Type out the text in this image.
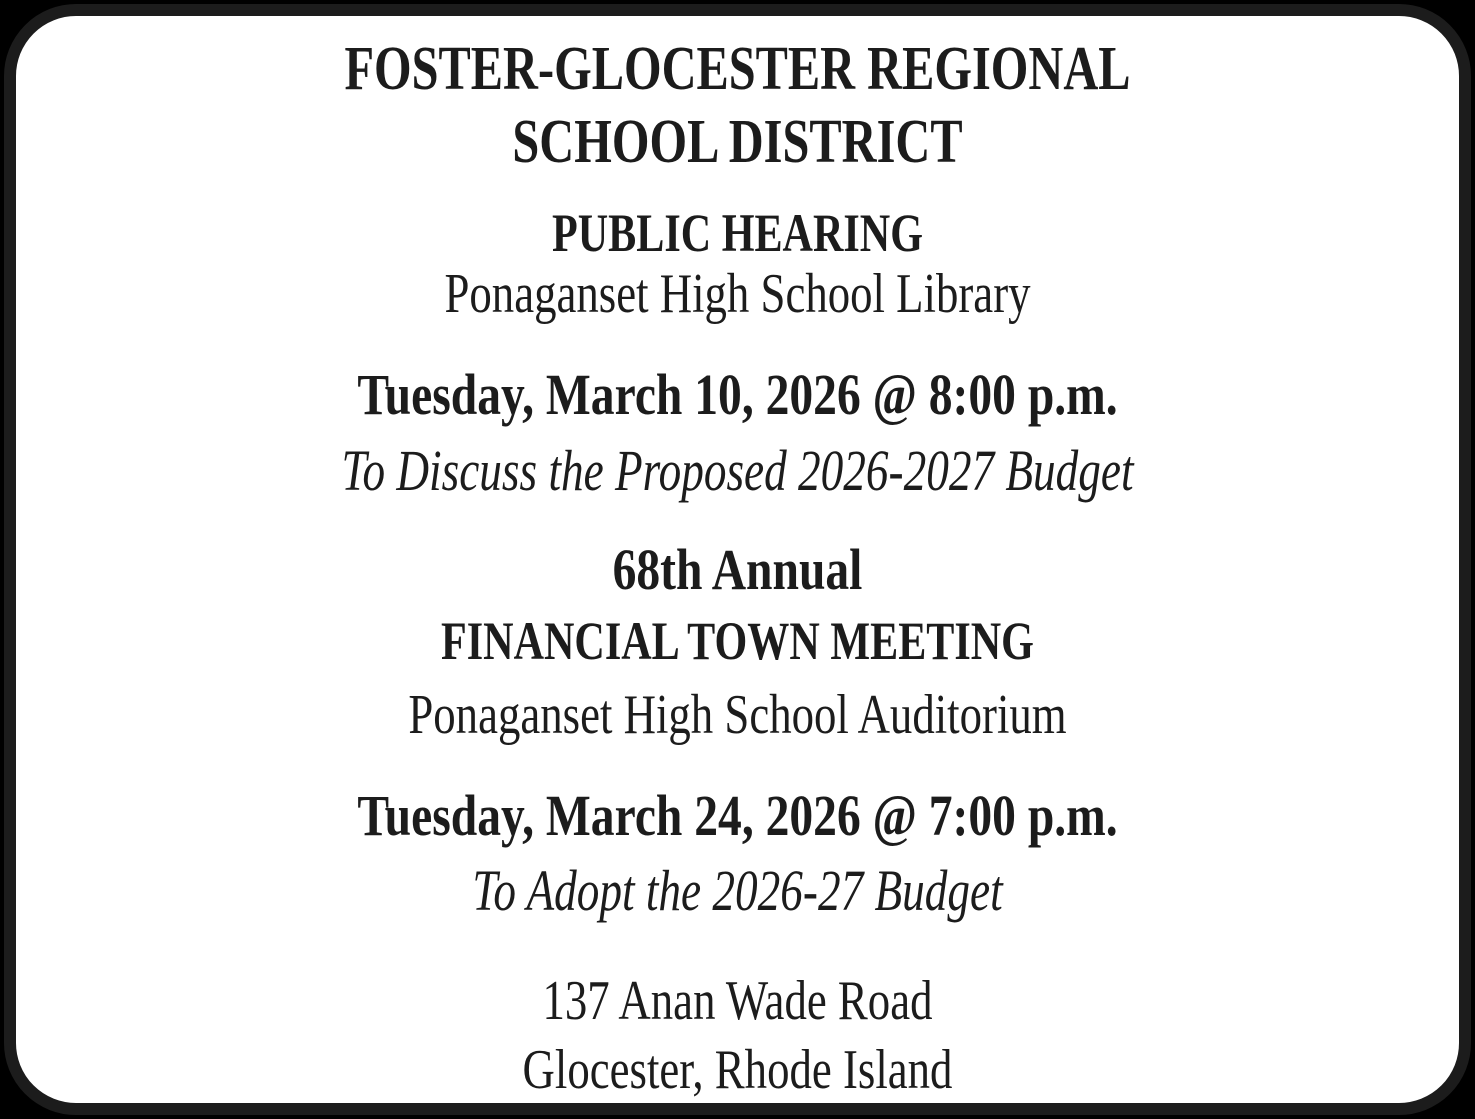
FOSTER-GLOCESTER REGIONAL
SCHOOL DISTRICT
PUBLIC HEARING
Ponaganset High School Library
Tuesday, March 10, 2026 @ 8:00 p.m.
To Discuss the Proposed 2026-2027 Budget
68th Annual
FINANCIAL TOWN MEETING
Ponaganset High School Auditorium
Tuesday, March 24, 2026 @ 7:00 p.m.
To Adopt the 2026-27 Budget
137 Anan Wade Road
Glocester, Rhode Island
